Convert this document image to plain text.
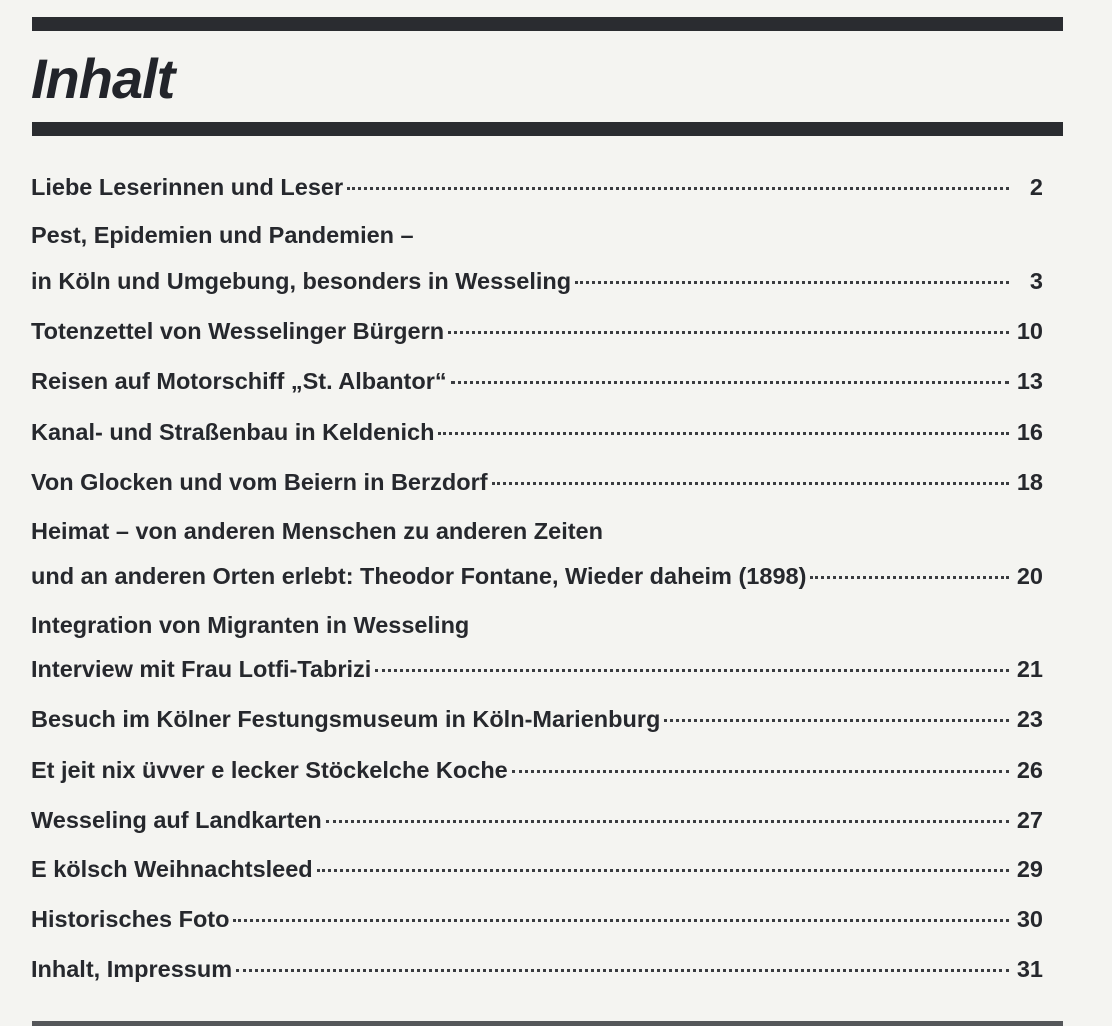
Inhalt
Liebe Leserinnen und Leser	2
Pest, Epidemien und Pandemien –
in Köln und Umgebung, besonders in Wesseling	3
Totenzettel von Wesselinger Bürgern	10
Reisen auf Motorschiff „St. Albantor“	13
Kanal- und Straßenbau in Keldenich	16
Von Glocken und vom Beiern in Berzdorf	18
Heimat – von anderen Menschen zu anderen Zeiten
und an anderen Orten erlebt: Theodor Fontane, Wieder daheim (1898)	20
Integration von Migranten in Wesseling
Interview mit Frau Lotfi-Tabrizi	21
Besuch im Kölner Festungsmuseum in Köln-Marienburg	23
Et jeit nix üvver e lecker Stöckelche Koche	26
Wesseling auf Landkarten	27
E kölsch Weihnachtsleed	29
Historisches Foto	30
Inhalt, Impressum	31
